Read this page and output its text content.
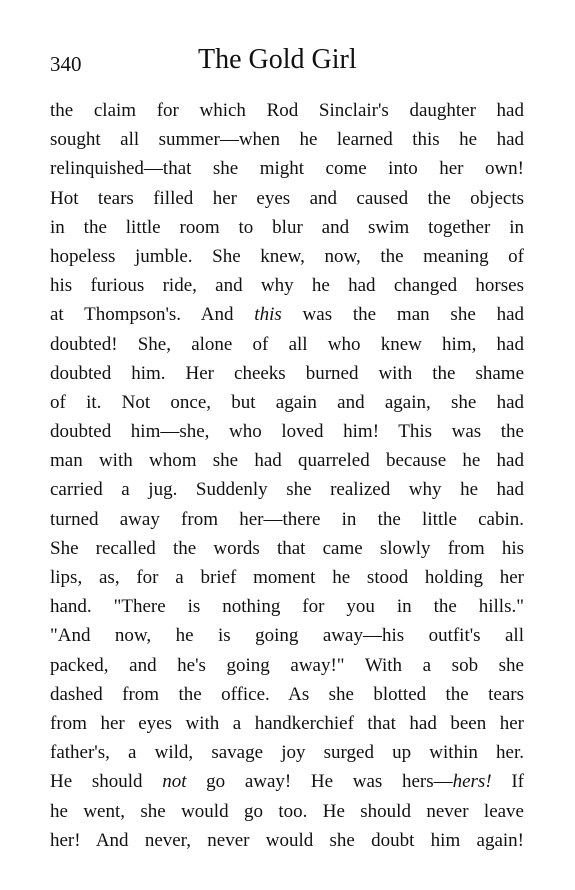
340	The Gold Girl
the claim for which Rod Sinclair's daughter had
sought all summer—when he learned this he had
relinquished—that she might come into her own!
Hot tears filled her eyes and caused the objects
in the little room to blur and swim together in
hopeless jumble. She knew, now, the meaning of
his furious ride, and why he had changed horses
at Thompson's. And this was the man she had
doubted! She, alone of all who knew him, had
doubted him. Her cheeks burned with the shame
of it. Not once, but again and again, she had
doubted him—she, who loved him! This was the
man with whom she had quarreled because he had
carried a jug. Suddenly she realized why he had
turned away from her—there in the little cabin.
She recalled the words that came slowly from his
lips, as, for a brief moment he stood holding her
hand. "There is nothing for you in the hills."
"And now, he is going away—his outfit's all
packed, and he's going away!" With a sob she
dashed from the office. As she blotted the tears
from her eyes with a handkerchief that had been her
father's, a wild, savage joy surged up within her.
He should not go away! He was hers—hers! If
he went, she would go too. He should never leave
her! And never, never would she doubt him again!
